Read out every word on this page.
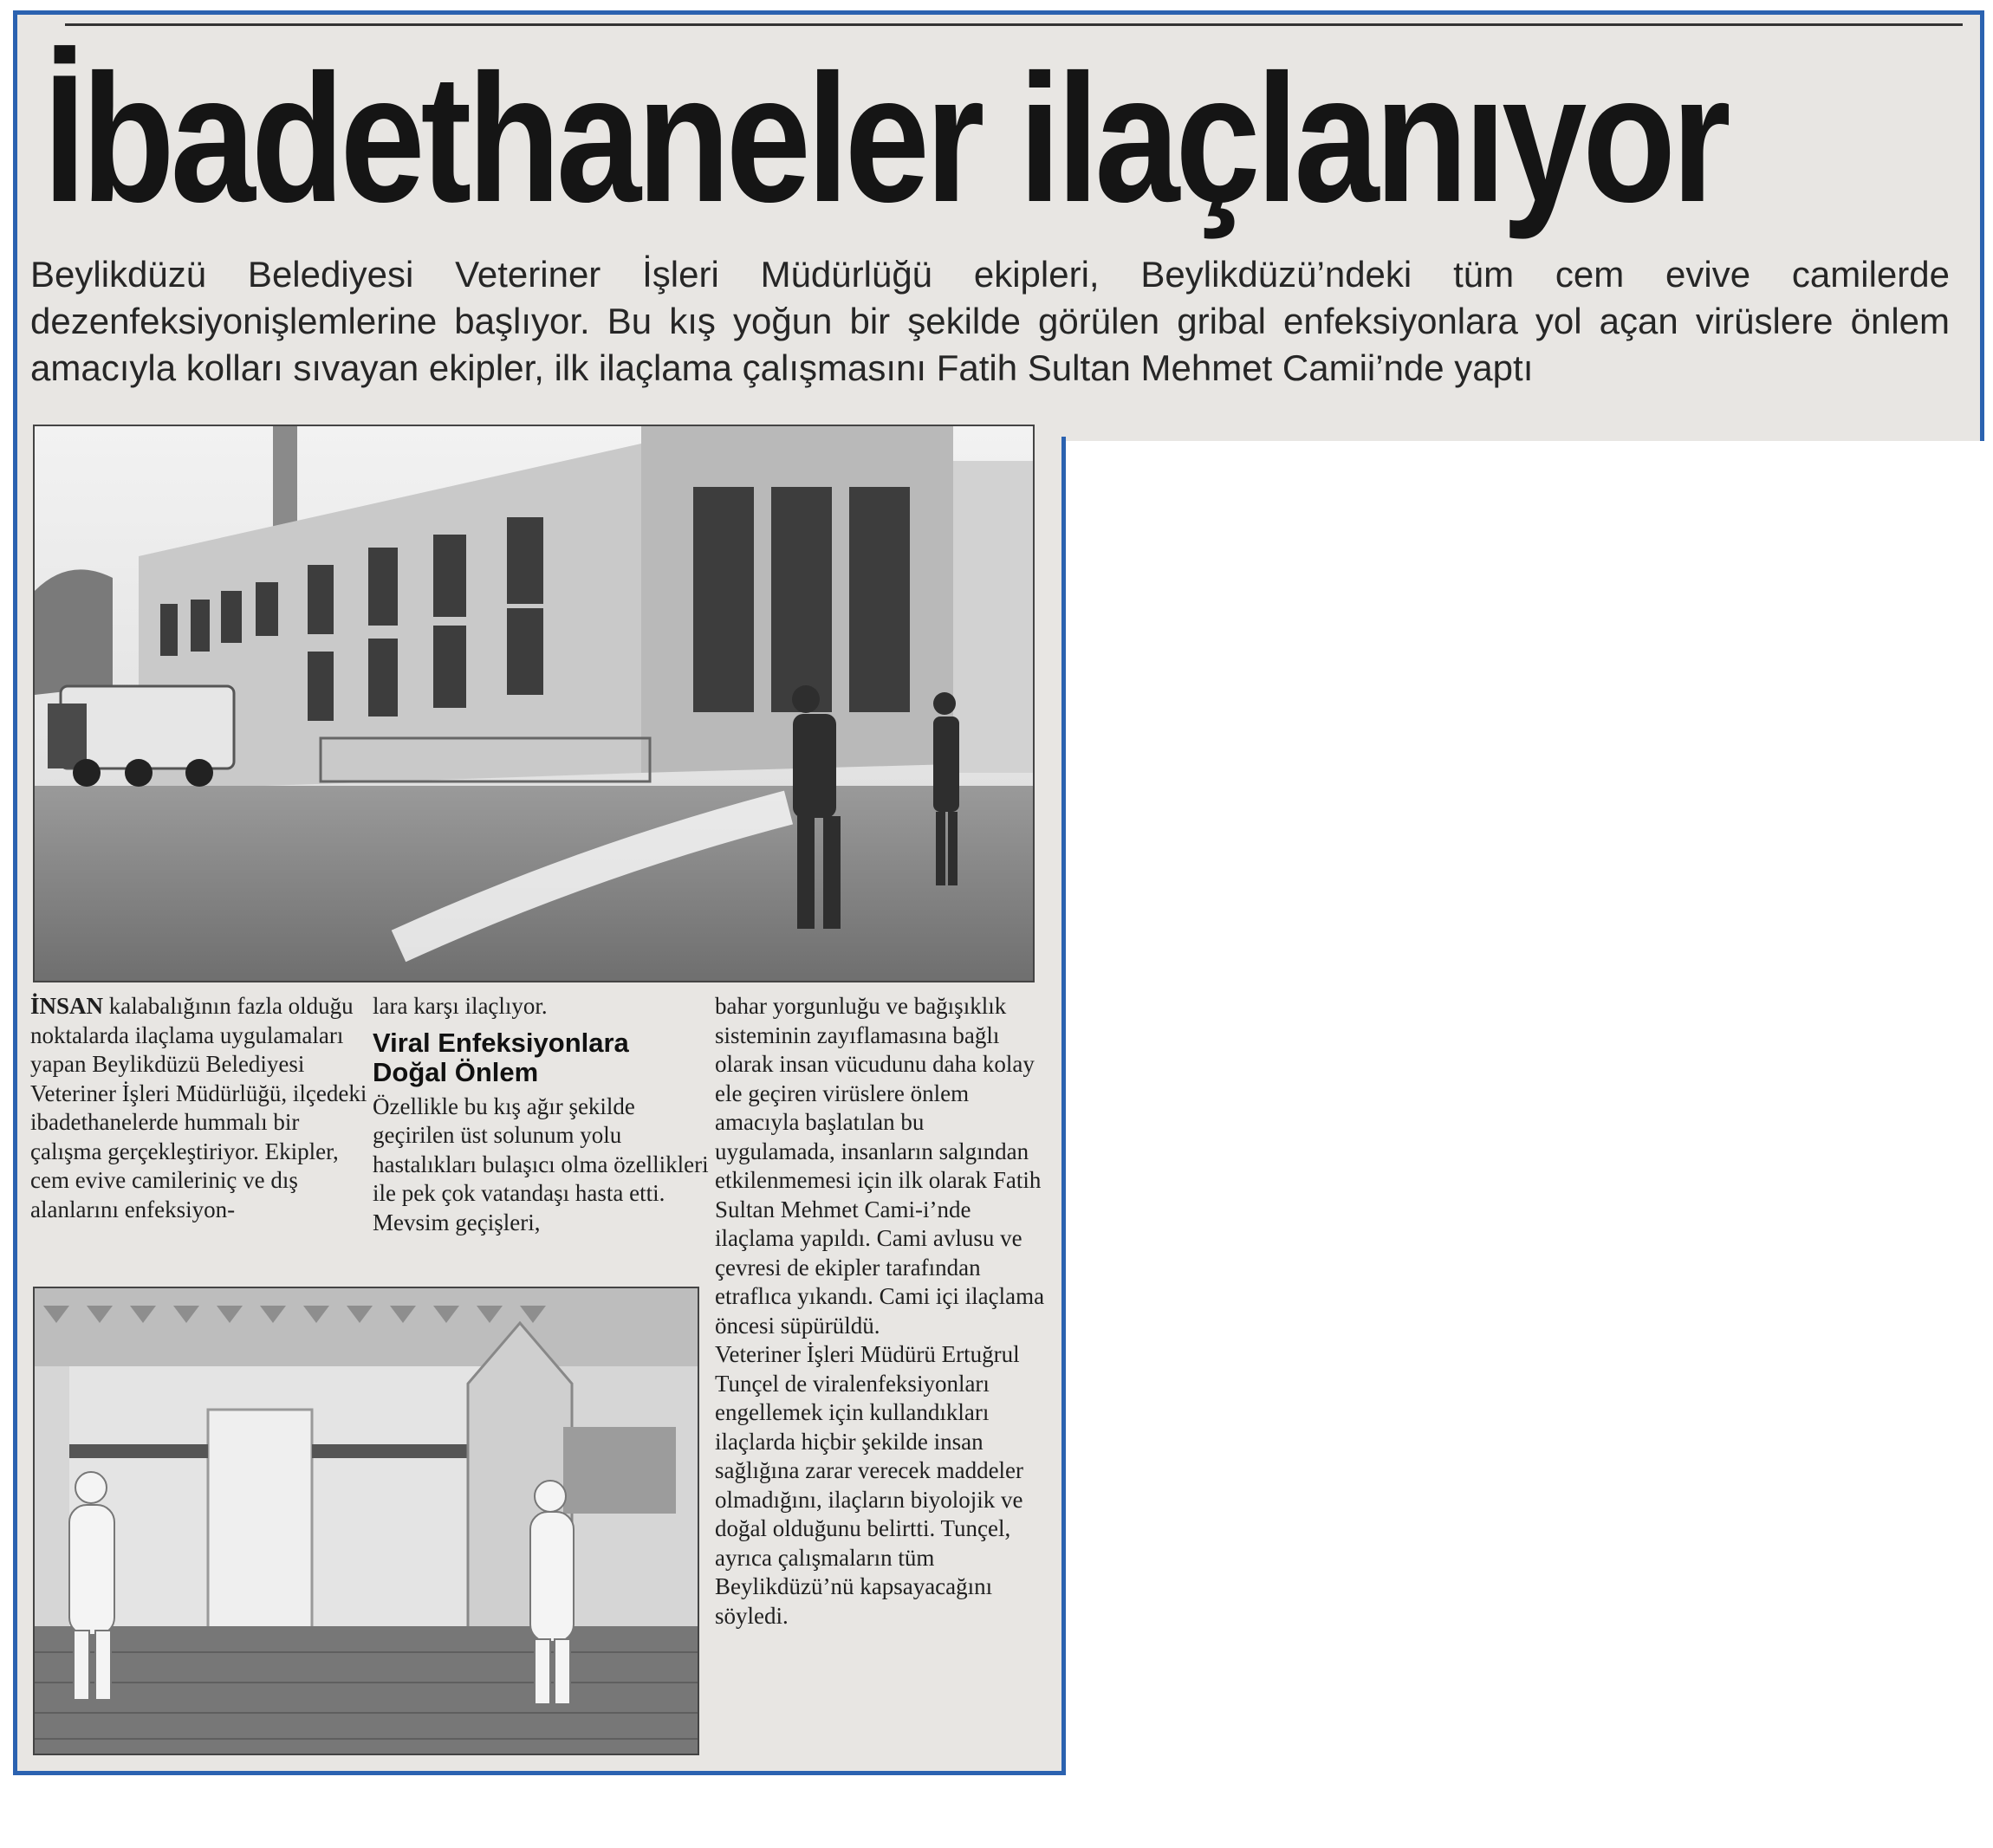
İbadethaneler ilaçlanıyor

Beylikdüzü Belediyesi Veteriner İşleri Müdürlüğü ekipleri, Beylikdüzü’ndeki tüm cem evive camilerde dezenfeksiyonişlemlerine başlıyor. Bu kış yoğun bir şekilde görülen gribal enfeksiyonlara yol açan virüslere önlem amacıyla kolları sıvayan ekipler, ilk ilaçlama çalışmasını Fatih Sultan Mehmet Camii’nde yaptı

İNSAN kalabalığının fazla olduğu noktalarda ilaçlama uygulamaları yapan Beylikdüzü Belediyesi Veteriner İşleri Müdürlüğü, ilçedeki ibadethanelerde hummalı bir çalışma gerçekleştiriyor. Ekipler, cem evive camileriniç ve dış alanlarını enfeksiyon-

lara karşı ilaçlıyor.

Viral Enfeksiyonlara Doğal Önlem

Özellikle bu kış ağır şekilde geçirilen üst solunum yolu hastalıkları bulaşıcı olma özellikleri ile pek çok vatandaşı hasta etti. Mevsim geçişleri,

bahar yorgunluğu ve bağışıklık sisteminin zayıflamasına bağlı olarak insan vücudunu daha kolay ele geçiren virüslere önlem amacıyla başlatılan bu uygulamada, insanların salgından etkilenmemesi için ilk olarak Fatih Sultan Mehmet Cami-i’nde ilaçlama yapıldı. Cami avlusu ve çevresi de ekipler tarafından etraflıca yıkandı. Cami içi ilaçlama öncesi süpürüldü.

Veteriner İşleri Müdürü Ertuğrul Tunçel de viralenfeksiyonları engellemek için kullandıkları ilaçlarda hiçbir şekilde insan sağlığına zarar verecek maddeler olmadığını, ilaçların biyolojik ve doğal olduğunu belirtti. Tunçel, ayrıca çalışmaların tüm Beylikdüzü’nü kapsayacağını söyledi.
